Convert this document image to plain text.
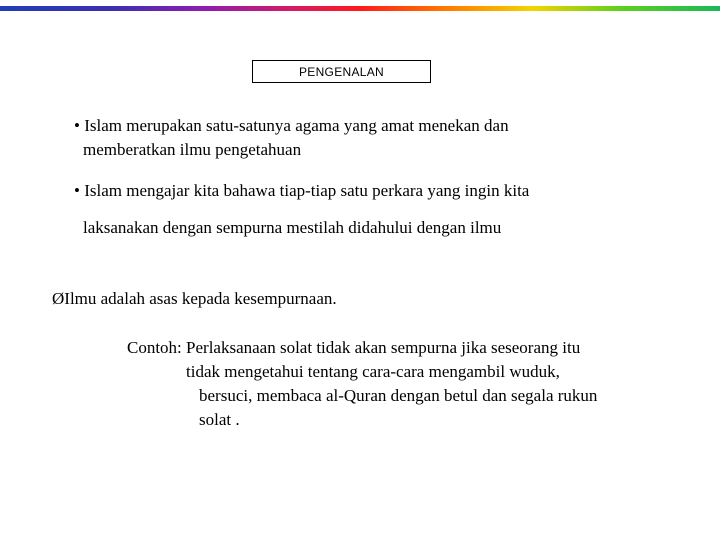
PENGENALAN
• Islam merupakan satu-satunya agama yang amat menekan dan
memberatkan ilmu pengetahuan
• Islam mengajar kita bahawa tiap-tiap satu perkara yang ingin kita
laksanakan dengan sempurna mestilah didahului dengan ilmu
ØIlmu adalah asas kepada kesempurnaan.
Contoh: Perlaksanaan solat tidak akan sempurna jika seseorang itu
tidak mengetahui tentang cara-cara mengambil wuduk,
bersuci, membaca al-Quran dengan betul dan segala rukun
solat .
